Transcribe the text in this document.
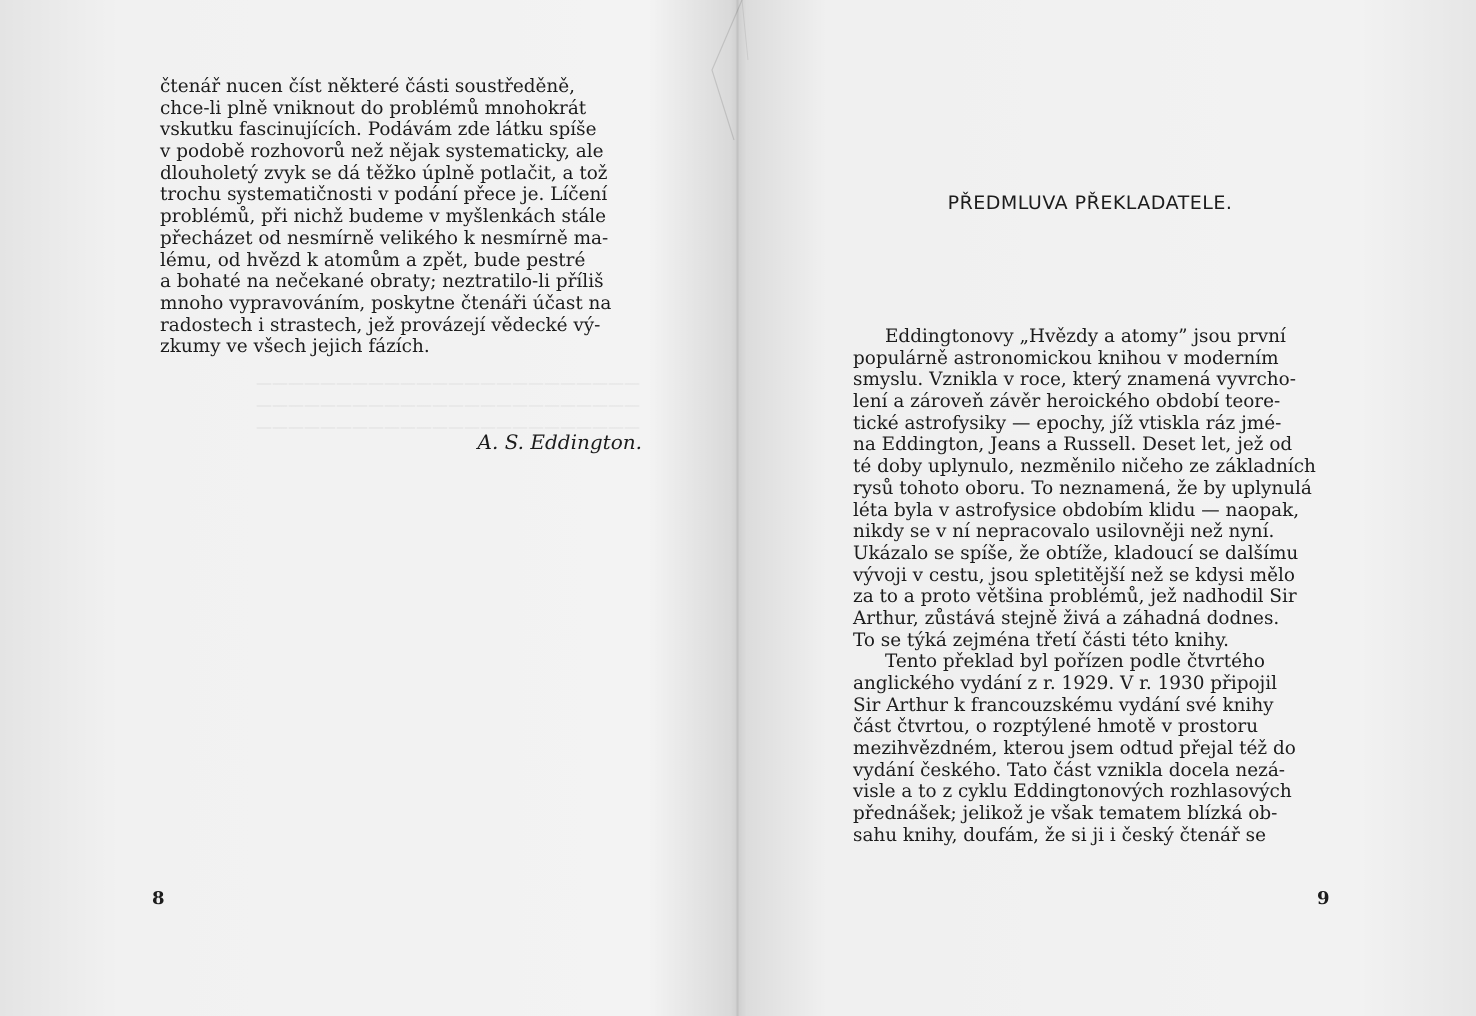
————————————————————————
————————————————————————
————————————————————————
čtenář nucen číst některé části soustředěně,
chce-li plně vniknout do problémů mnohokrát
vskutku fascinujících. Podávám zde látku spíše
v podobě rozhovorů než nějak systematicky, ale
dlouholetý zvyk se dá těžko úplně potlačit, a tož
trochu systematičnosti v podání přece je. Líčení
problémů, při nichž budeme v myšlenkách stále
přecházet od nesmírně velikého k nesmírně ma-
lému, od hvězd k atomům a zpět, bude pestré
a bohaté na nečekané obraty; neztratilo-li příliš
mnoho vypravováním, poskytne čtenáři účast na
radostech i strastech, jež provázejí vědecké vý-
zkumy ve všech jejich fázích.
A. S. Eddington.
8
PŘEDMLUVA PŘEKLADATELE.
Eddingtonovy „Hvězdy a atomy” jsou první
populárně astronomickou knihou v moderním
smyslu. Vznikla v roce, který znamená vyvrcho-
lení a zároveň závěr heroického období teore-
tické astrofysiky — epochy, jíž vtiskla ráz jmé-
na Eddington, Jeans a Russell. Deset let, jež od
té doby uplynulo, nezměnilo ničeho ze základních
rysů tohoto oboru. To neznamená, že by uplynulá
léta byla v astrofysice obdobím klidu — naopak,
nikdy se v ní nepracovalo usilovněji než nyní.
Ukázalo se spíše, že obtíže, kladoucí se dalšímu
vývoji v cestu, jsou spletitější než se kdysi mělo
za to a proto většina problémů, jež nadhodil Sir
Arthur, zůstává stejně živá a záhadná dodnes.
To se týká zejména třetí části této knihy.
Tento překlad byl pořízen podle čtvrtého
anglického vydání z r. 1929. V r. 1930 připojil
Sir Arthur k francouzskému vydání své knihy
část čtvrtou, o rozptýlené hmotě v prostoru
mezihvězdném, kterou jsem odtud přejal též do
vydání českého. Tato část vznikla docela nezá-
visle a to z cyklu Eddingtonových rozhlasových
přednášek; jelikož je však tematem blízká ob-
sahu knihy, doufám, že si ji i český čtenář se
9
